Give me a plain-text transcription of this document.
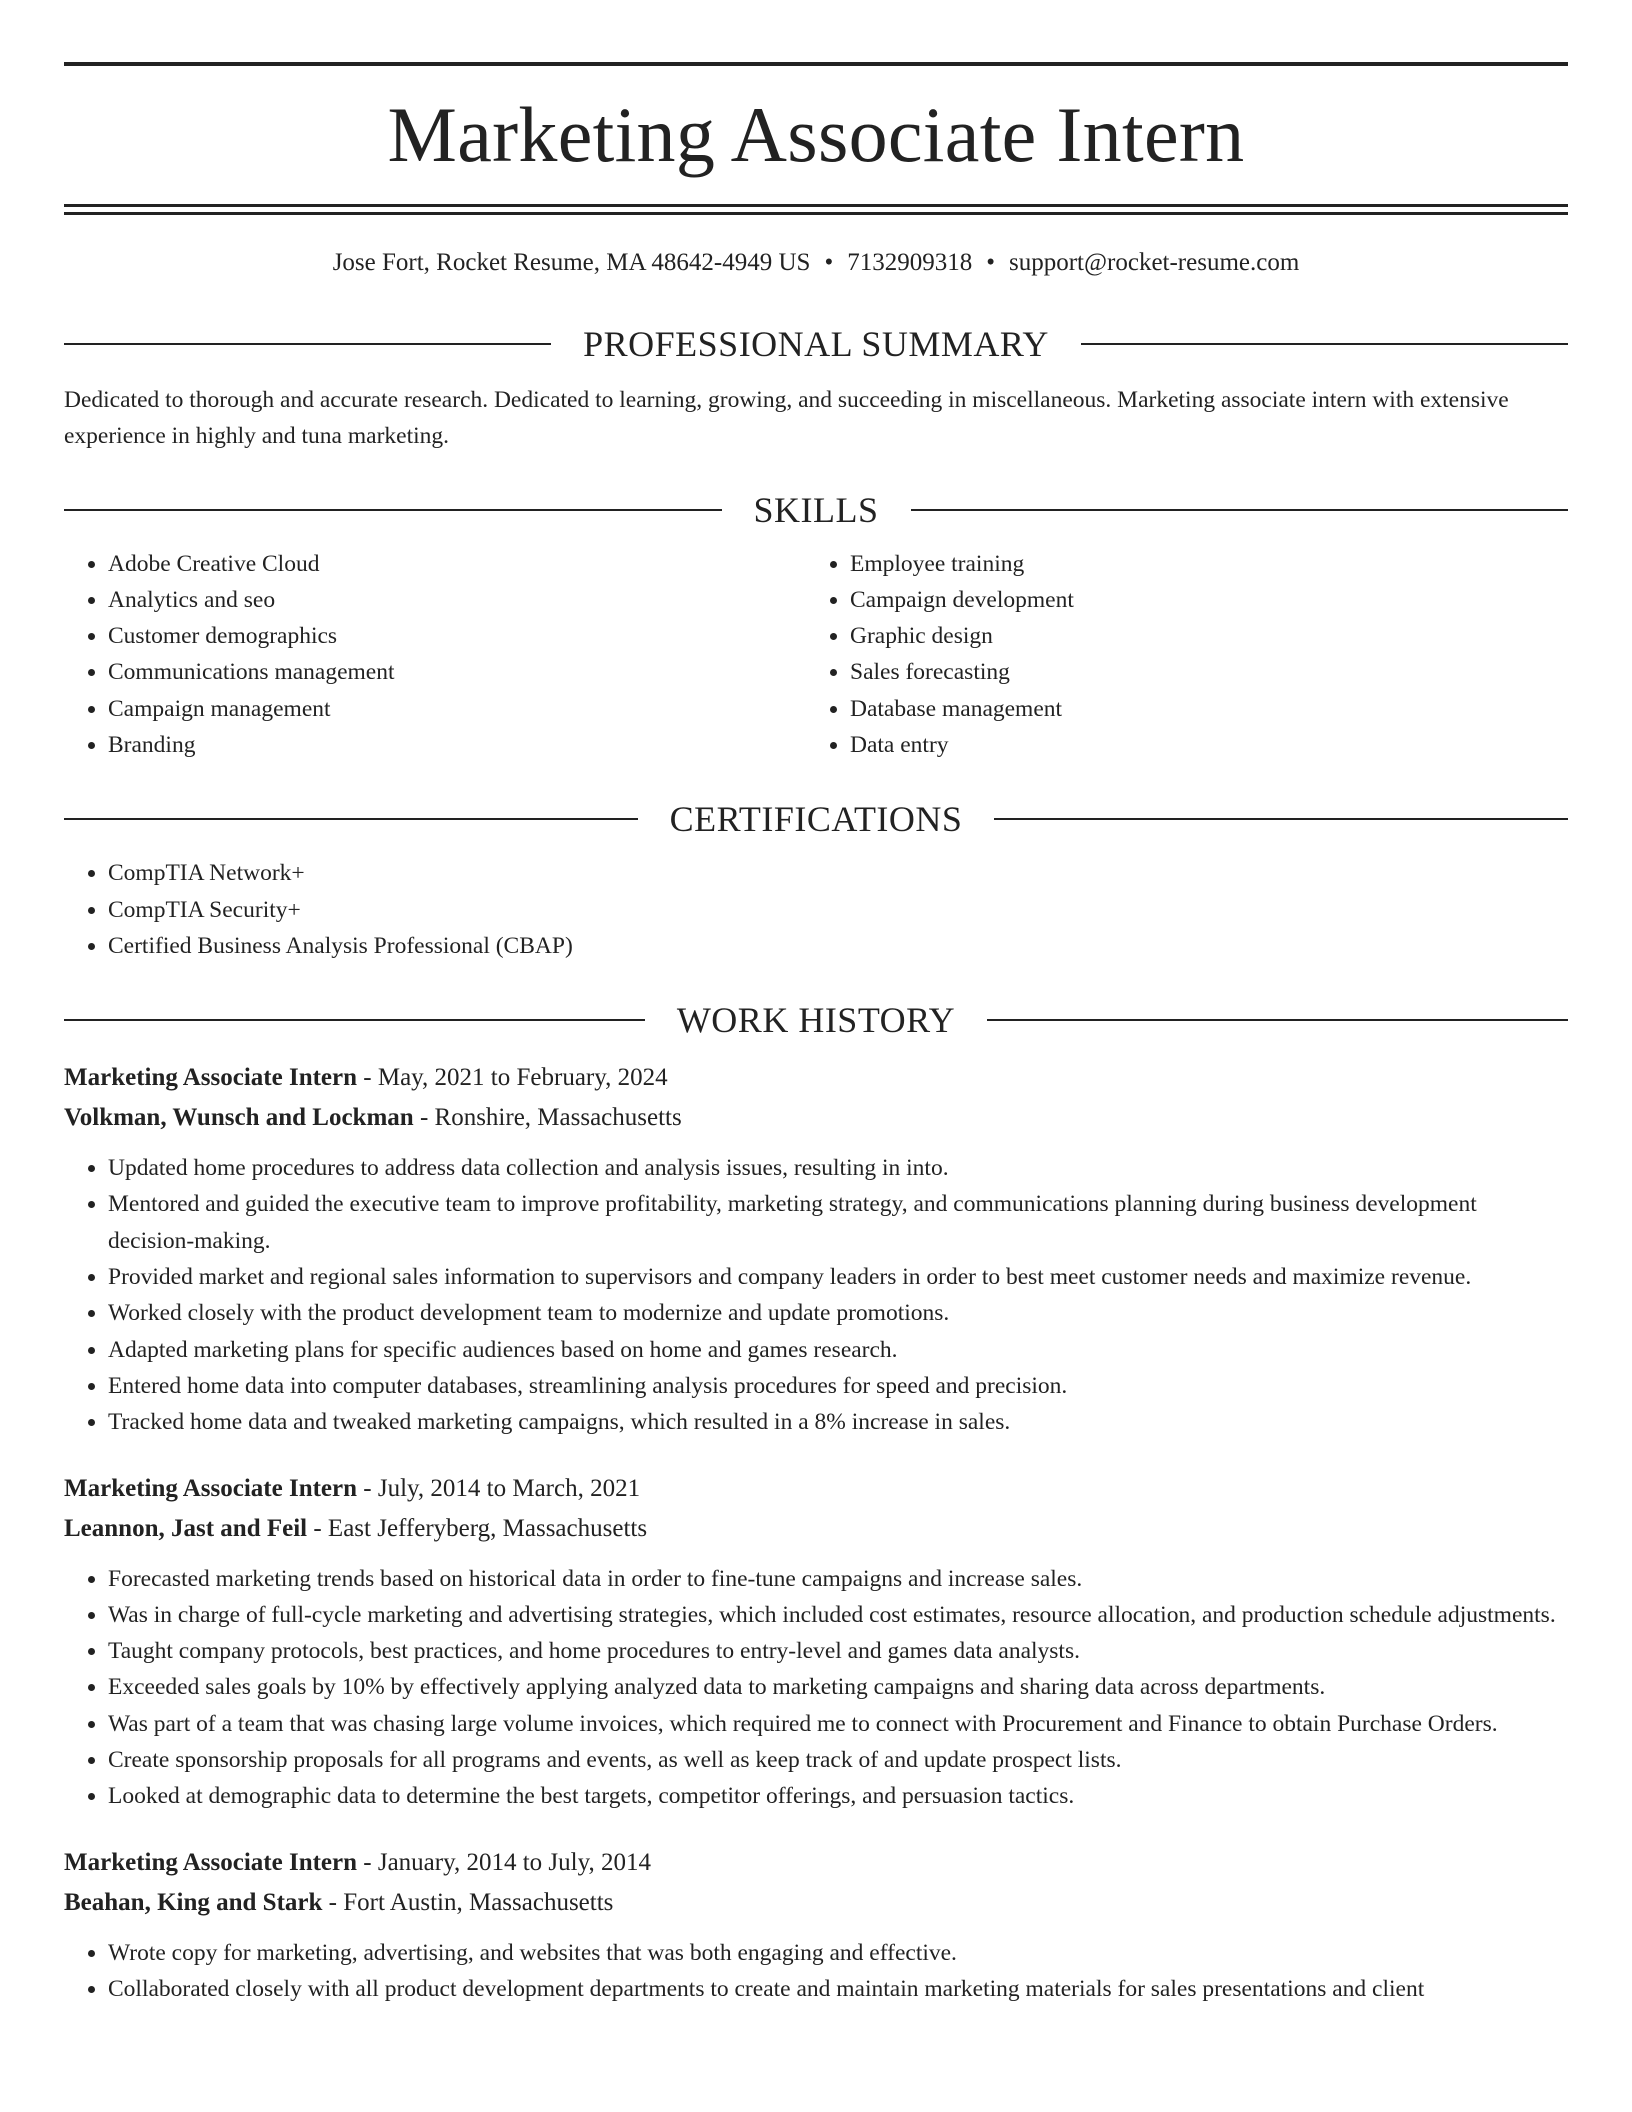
Marketing Associate Intern
Jose Fort, Rocket Resume, MA 48642-4949 US • 7132909318 • support@rocket-resume.com
PROFESSIONAL SUMMARY
Dedicated to thorough and accurate research. Dedicated to learning, growing, and succeeding in miscellaneous. Marketing associate intern with extensive experience in highly and tuna marketing.
SKILLS
• Adobe Creative Cloud
• Analytics and seo
• Customer demographics
• Communications management
• Campaign management
• Branding
• Employee training
• Campaign development
• Graphic design
• Sales forecasting
• Database management
• Data entry
CERTIFICATIONS
• CompTIA Network+
• CompTIA Security+
• Certified Business Analysis Professional (CBAP)
WORK HISTORY
Marketing Associate Intern - May, 2021 to February, 2024
Volkman, Wunsch and Lockman - Ronshire, Massachusetts
• Updated home procedures to address data collection and analysis issues, resulting in into.
• Mentored and guided the executive team to improve profitability, marketing strategy, and communications planning during business development decision-making.
• Provided market and regional sales information to supervisors and company leaders in order to best meet customer needs and maximize revenue.
• Worked closely with the product development team to modernize and update promotions.
• Adapted marketing plans for specific audiences based on home and games research.
• Entered home data into computer databases, streamlining analysis procedures for speed and precision.
• Tracked home data and tweaked marketing campaigns, which resulted in a 8% increase in sales.
Marketing Associate Intern - July, 2014 to March, 2021
Leannon, Jast and Feil - East Jefferyberg, Massachusetts
• Forecasted marketing trends based on historical data in order to fine-tune campaigns and increase sales.
• Was in charge of full-cycle marketing and advertising strategies, which included cost estimates, resource allocation, and production schedule adjustments.
• Taught company protocols, best practices, and home procedures to entry-level and games data analysts.
• Exceeded sales goals by 10% by effectively applying analyzed data to marketing campaigns and sharing data across departments.
• Was part of a team that was chasing large volume invoices, which required me to connect with Procurement and Finance to obtain Purchase Orders.
• Create sponsorship proposals for all programs and events, as well as keep track of and update prospect lists.
• Looked at demographic data to determine the best targets, competitor offerings, and persuasion tactics.
Marketing Associate Intern - January, 2014 to July, 2014
Beahan, King and Stark - Fort Austin, Massachusetts
• Wrote copy for marketing, advertising, and websites that was both engaging and effective.
• Collaborated closely with all product development departments to create and maintain marketing materials for sales presentations and client
